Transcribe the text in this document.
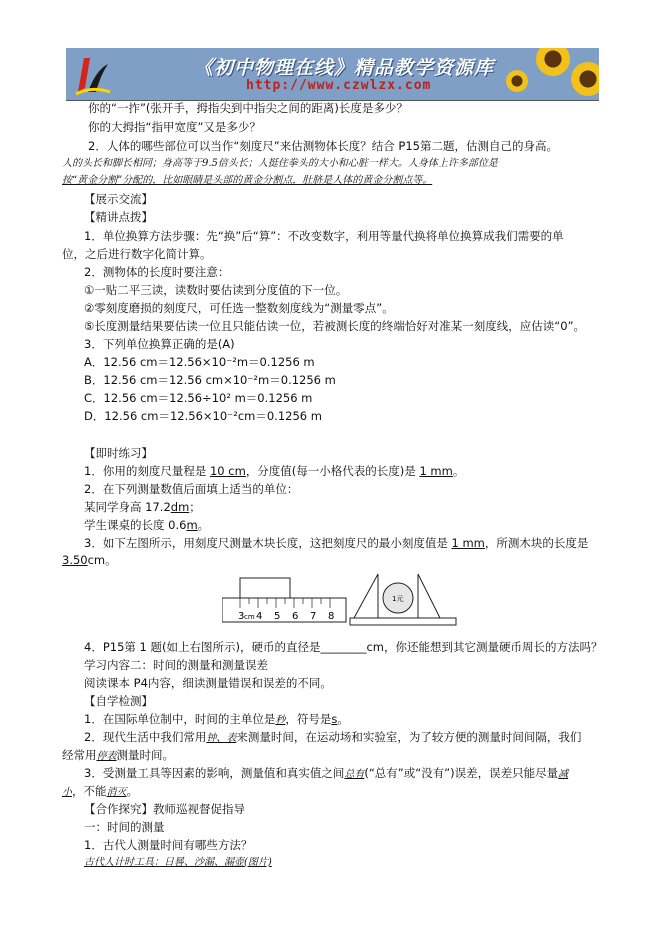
《初中物理在线》精品教学资源库
http://www.czwlzx.com
你的“一拃”(张开手，拇指尖到中指尖之间的距离)长度是多少？
你的大拇指“指甲宽度”又是多少？
2．人体的哪些部位可以当作“刻度尺”来估测物体长度？结合 P15第二题，估测自己的身高。
人的头长和脚长相同；身高等于9.5倍头长；人挺住拳头的大小和心脏一样大。人身体上许多部位是
按“黄金分割”分配的，比如眼睛是头部的黄金分割点，肚脐是人体的黄金分割点等。
【展示交流】
【精讲点拨】
1．单位换算方法步骤：先“换”后“算”：不改变数字，利用等量代换将单位换算成我们需要的单
位，之后进行数字化简计算。
2．测物体的长度时要注意：
①一贴二平三读，读数时要估读到分度值的下一位。
②零刻度磨损的刻度尺，可任选一整数刻度线为“测量零点”。
⑤长度测量结果要估读一位且只能估读一位，若被测长度的终端恰好对准某一刻度线，应估读“0”。
3．下列单位换算正确的是(A)
A．12.56 cm＝12.56×10⁻²m＝0.1256 m
B．12.56 cm＝12.56 cm×10⁻²m＝0.1256 m
C．12.56 cm＝12.56÷10² m＝0.1256 m
D．12.56 cm＝12.56×10⁻²cm＝0.1256 m
【即时练习】
1．你用的刻度尺量程是 10 cm，分度值(每一小格代表的长度)是 1 mm。
2．在下列测量数值后面填上适当的单位：
某同学身高 17.2dm；
学生课桌的长度 0.6m。
3．如下左图所示，用刻度尺测量木块长度，这把刻度尺的最小刻度值是 1 mm，所测木块的长度是
3.50cm。
3 4 5 6 7 8
cm
1元
4．P15第 1 题(如上右图所示)，硬币的直径是________cm，你还能想到其它测量硬币周长的方法吗？
学习内容二：时间的测量和测量误差
阅读课本 P4内容，细读测量错误和误差的不同。
【自学检测】
1．在国际单位制中，时间的主单位是秒，符号是s。
2．现代生活中我们常用钟、表来测量时间，在运动场和实验室，为了较方便的测量时间间隔，我们
经常用停表测量时间。
3．受测量工具等因素的影响，测量值和真实值之间总有(“总有”或“没有”)误差，误差只能尽量减
小，不能消灭。
【合作探究】教师巡视督促指导
一：时间的测量
1．古代人测量时间有哪些方法？
古代人计时工具：日晷、沙漏、漏壶(图片)
